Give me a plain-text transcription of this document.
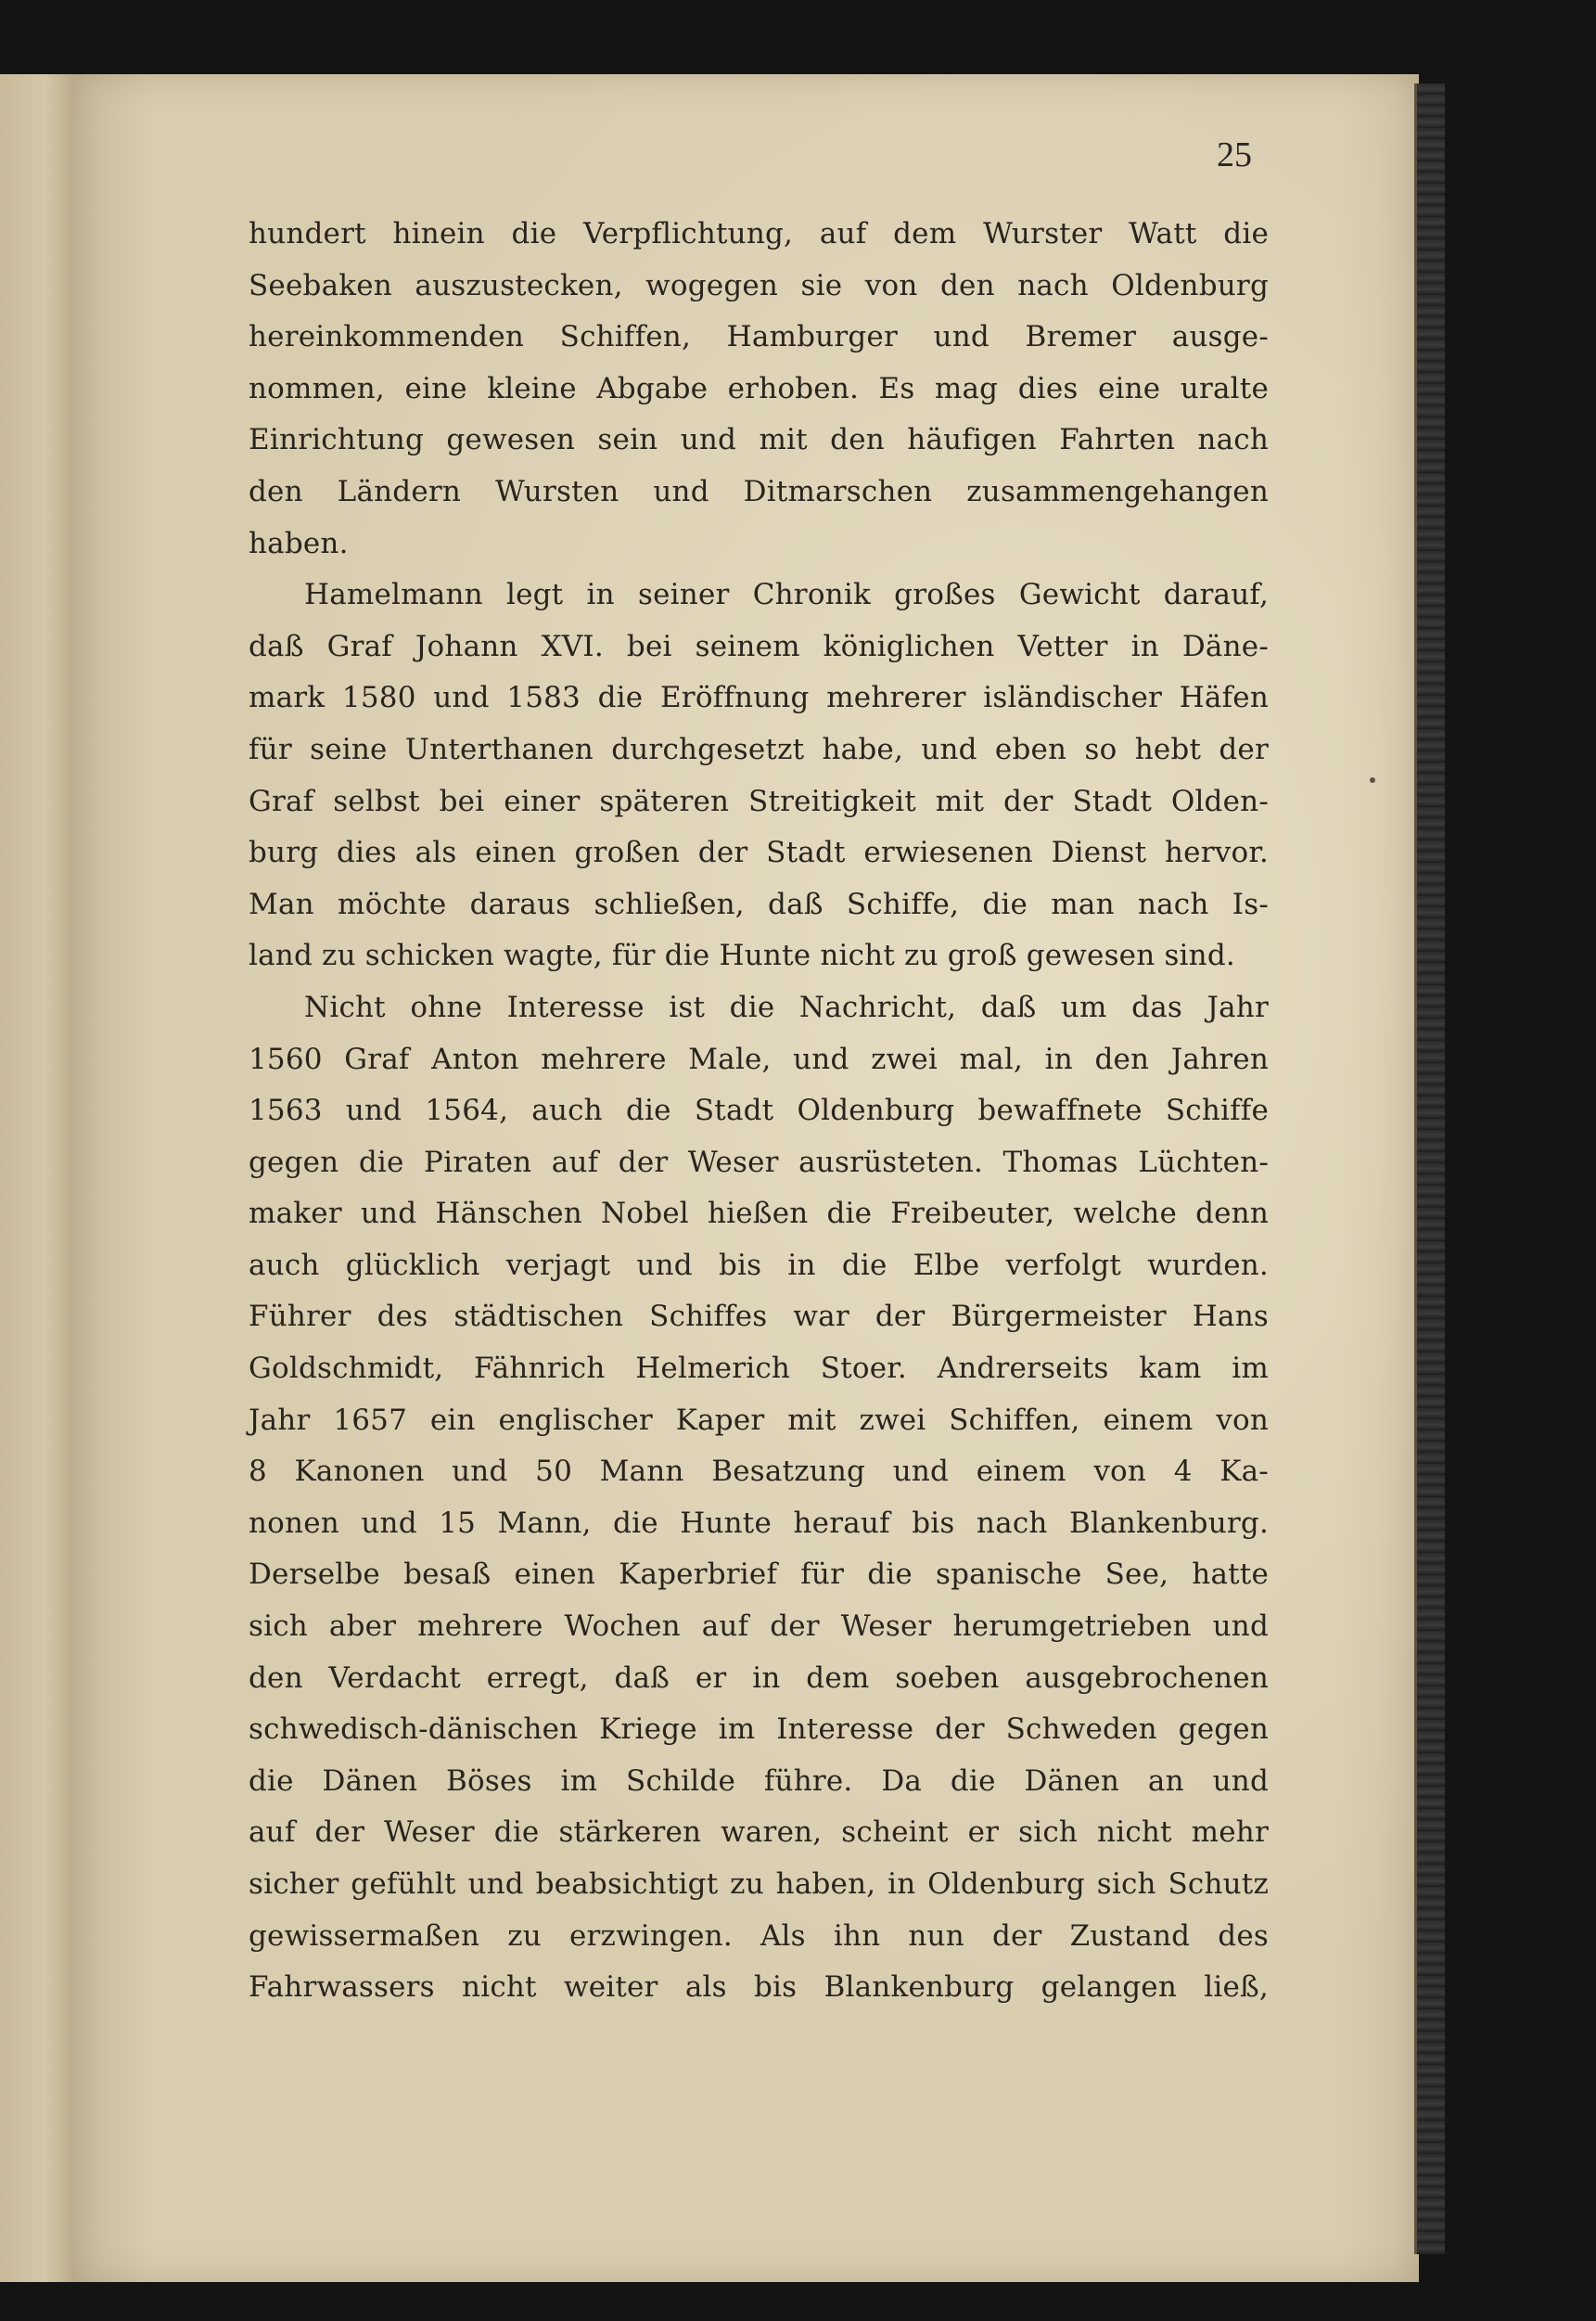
25
hundert hinein die Verpflichtung, auf dem Wurster Watt die
Seebaken auszustecken, wogegen sie von den nach Oldenburg
hereinkommenden Schiffen, Hamburger und Bremer ausge-
nommen, eine kleine Abgabe erhoben. Es mag dies eine uralte
Einrichtung gewesen sein und mit den häufigen Fahrten nach
den Ländern Wursten und Ditmarschen zusammengehangen
haben.
Hamelmann legt in seiner Chronik großes Gewicht darauf,
daß Graf Johann XVI. bei seinem königlichen Vetter in Däne-
mark 1580 und 1583 die Eröffnung mehrerer isländischer Häfen
für seine Unterthanen durchgesetzt habe, und eben so hebt der
Graf selbst bei einer späteren Streitigkeit mit der Stadt Olden-
burg dies als einen großen der Stadt erwiesenen Dienst hervor.
Man möchte daraus schließen, daß Schiffe, die man nach Is-
land zu schicken wagte, für die Hunte nicht zu groß gewesen sind.
Nicht ohne Interesse ist die Nachricht, daß um das Jahr
1560 Graf Anton mehrere Male, und zwei mal, in den Jahren
1563 und 1564, auch die Stadt Oldenburg bewaffnete Schiffe
gegen die Piraten auf der Weser ausrüsteten. Thomas Lüchten-
maker und Hänschen Nobel hießen die Freibeuter, welche denn
auch glücklich verjagt und bis in die Elbe verfolgt wurden.
Führer des städtischen Schiffes war der Bürgermeister Hans
Goldschmidt, Fähnrich Helmerich Stoer. Andrerseits kam im
Jahr 1657 ein englischer Kaper mit zwei Schiffen, einem von
8 Kanonen und 50 Mann Besatzung und einem von 4 Ka-
nonen und 15 Mann, die Hunte herauf bis nach Blankenburg.
Derselbe besaß einen Kaperbrief für die spanische See, hatte
sich aber mehrere Wochen auf der Weser herumgetrieben und
den Verdacht erregt, daß er in dem soeben ausgebrochenen
schwedisch-dänischen Kriege im Interesse der Schweden gegen
die Dänen Böses im Schilde führe. Da die Dänen an und
auf der Weser die stärkeren waren, scheint er sich nicht mehr
sicher gefühlt und beabsichtigt zu haben, in Oldenburg sich Schutz
gewissermaßen zu erzwingen. Als ihn nun der Zustand des
Fahrwassers nicht weiter als bis Blankenburg gelangen ließ,
